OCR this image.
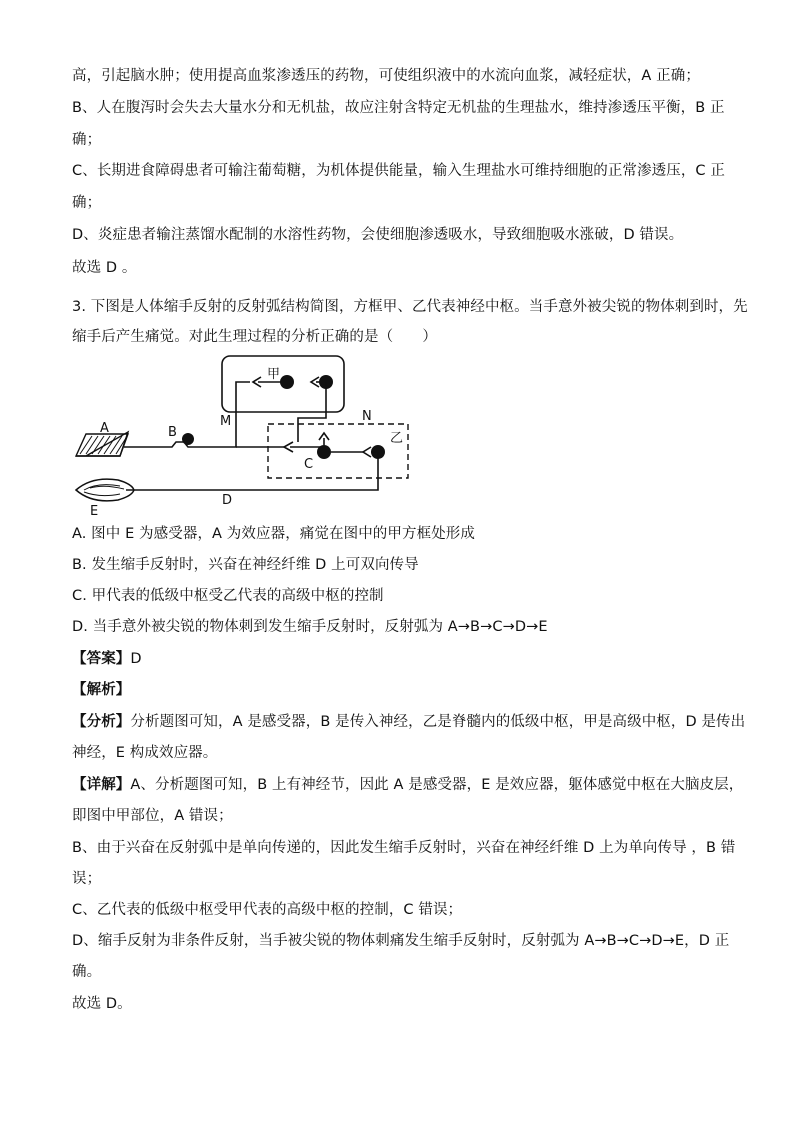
高，引起脑水肿；使用提高血浆渗透压的药物，可使组织液中的水流向血浆，减轻症状，A 正确；
B、人在腹泻时会失去大量水分和无机盐，故应注射含特定无机盐的生理盐水，维持渗透压平衡，B 正
确；
C、长期进食障碍患者可输注葡萄糖，为机体提供能量，输入生理盐水可维持细胞的正常渗透压，C 正
确；
D、炎症患者输注蒸馏水配制的水溶性药物，会使细胞渗透吸水，导致细胞吸水涨破，D 错误。
故选 D 。
3. 下图是人体缩手反射的反射弧结构简图，方框甲、乙代表神经中枢。当手意外被尖锐的物体刺到时，先
缩手后产生痛觉。对此生理过程的分析正确的是（　　）
甲
乙
A	B
C
D
E
M	N
A. 图中 E 为感受器，A 为效应器，痛觉在图中的甲方框处形成
B. 发生缩手反射时，兴奋在神经纤维 D 上可双向传导
C. 甲代表的低级中枢受乙代表的高级中枢的控制
D. 当手意外被尖锐的物体刺到发生缩手反射时，反射弧为 A→B→C→D→E
【答案】D
【解析】
【分析】分析题图可知，A 是感受器，B 是传入神经，乙是脊髓内的低级中枢，甲是高级中枢，D 是传出
神经，E 构成效应器。
【详解】A、分析题图可知，B 上有神经节，因此 A 是感受器，E 是效应器，躯体感觉中枢在大脑皮层，
即图中甲部位，A 错误；
B、由于兴奋在反射弧中是单向传递的，因此发生缩手反射时，兴奋在神经纤维 D 上为单向传导 ，B 错
误；
C、乙代表的低级中枢受甲代表的高级中枢的控制，C 错误；
D、缩手反射为非条件反射，当手被尖锐的物体刺痛发生缩手反射时，反射弧为 A→B→C→D→E，D 正
确。
故选 D。
